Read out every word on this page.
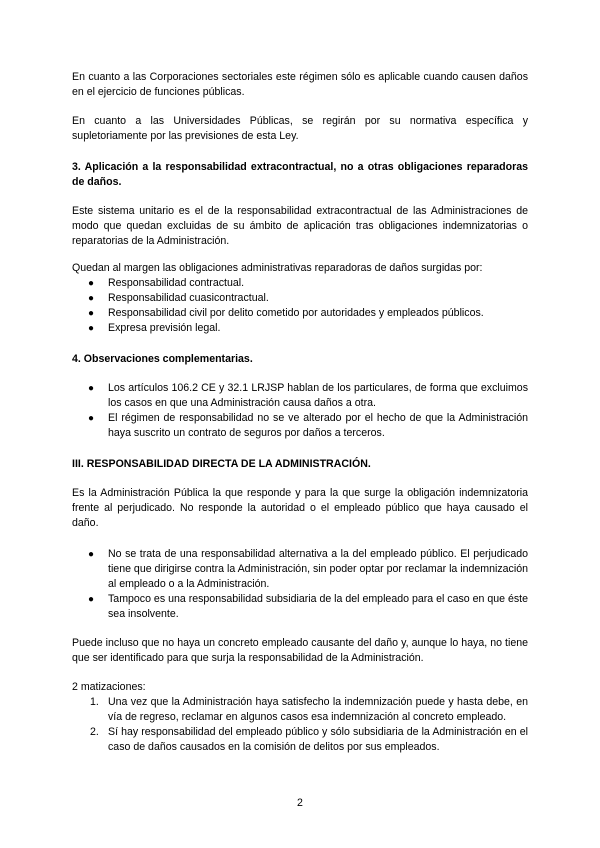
En cuanto a las Corporaciones sectoriales este régimen sólo es aplicable cuando causen daños en el ejercicio de funciones públicas.

En cuanto a las Universidades Públicas, se regirán por su normativa específica y supletoriamente por las previsiones de esta Ley.

3. Aplicación a la responsabilidad extracontractual, no a otras obligaciones reparadoras de daños.

Este sistema unitario es el de la responsabilidad extracontractual de las Administraciones de modo que quedan excluidas de su ámbito de aplicación tras obligaciones indemnizatorias o reparatorias de la Administración.

Quedan al margen las obligaciones administrativas reparadoras de daños surgidas por:

● Responsabilidad contractual.
● Responsabilidad cuasicontractual.
● Responsabilidad civil por delito cometido por autoridades y empleados públicos.
● Expresa previsión legal.
4. Observaciones complementarias.
● Los artículos 106.2 CE y 32.1 LRJSP hablan de los particulares, de forma que excluimos los casos en que una Administración causa daños a otra.
● El régimen de responsabilidad no se ve alterado por el hecho de que la Administración haya suscrito un contrato de seguros por daños a terceros.
III. RESPONSABILIDAD DIRECTA DE LA ADMINISTRACIÓN.

Es la Administración Pública la que responde y para la que surge la obligación indemnizatoria frente al perjudicado. No responde la autoridad o el empleado público que haya causado el daño.

● No se trata de una responsabilidad alternativa a la del empleado público. El perjudicado tiene que dirigirse contra la Administración, sin poder optar por reclamar la indemnización al empleado o a la Administración.
● Tampoco es una responsabilidad subsidiaria de la del empleado para el caso en que éste sea insolvente.

Puede incluso que no haya un concreto empleado causante del daño y, aunque lo haya, no tiene que ser identificado para que surja la responsabilidad de la Administración.

2 matizaciones:

1. Una vez que la Administración haya satisfecho la indemnización puede y hasta debe, en vía de regreso, reclamar en algunos casos esa indemnización al concreto empleado.
2. Sí hay responsabilidad del empleado público y sólo subsidiaria de la Administración en el caso de daños causados en la comisión de delitos por sus empleados.
2
